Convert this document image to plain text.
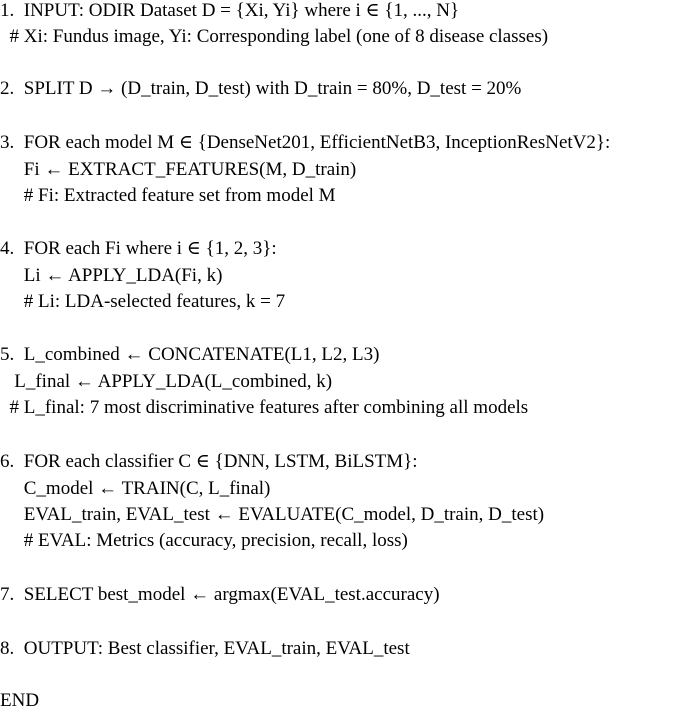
1.  INPUT: ODIR Dataset D = {Xi, Yi} where i ∈ {1, ..., N}
# Xi: Fundus image, Yi: Corresponding label (one of 8 disease classes)
2.  SPLIT D → (D_train, D_test) with D_train = 80%, D_test = 20%
3.  FOR each model M ∈ {DenseNet201, EfficientNetB3, InceptionResNetV2}:
Fi ← EXTRACT_FEATURES(M, D_train)
# Fi: Extracted feature set from model M
4.  FOR each Fi where i ∈ {1, 2, 3}:
Li ← APPLY_LDA(Fi, k)
# Li: LDA-selected features, k = 7
5.  L_combined ← CONCATENATE(L1, L2, L3)
L_final ← APPLY_LDA(L_combined, k)
# L_final: 7 most discriminative features after combining all models
6.  FOR each classifier C ∈ {DNN, LSTM, BiLSTM}:
C_model ← TRAIN(C, L_final)
EVAL_train, EVAL_test ← EVALUATE(C_model, D_train, D_test)
# EVAL: Metrics (accuracy, precision, recall, loss)
7.  SELECT best_model ← argmax(EVAL_test.accuracy)
8.  OUTPUT: Best classifier, EVAL_train, EVAL_test
END
